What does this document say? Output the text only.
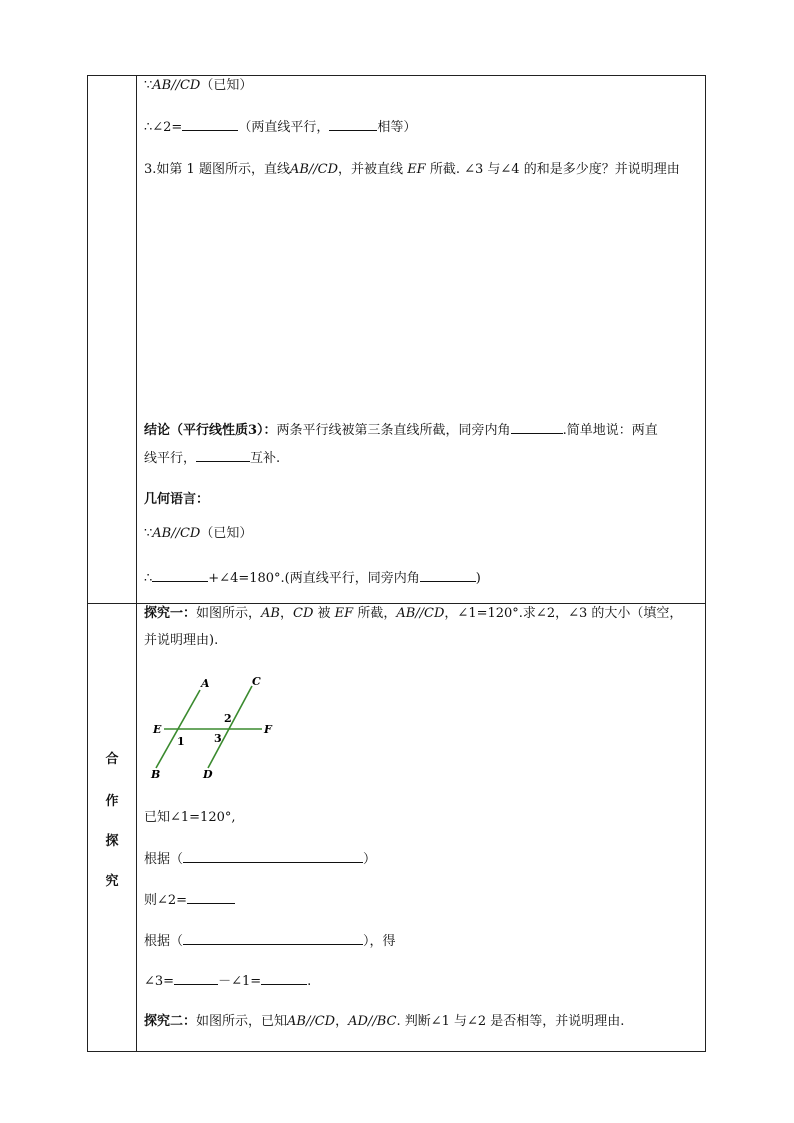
∵AB//CD（已知）
∴∠2=	（两直线平行，	相等）
3.如第 1 题图所示，直线AB//CD，并被直线 EF 所截. ∠3 与∠4 的和是多少度？并说明理由
结论（平行线性质3）：两条平行线被第三条直线所截，同旁内角	.简单地说：两直
线平行，	互补.
几何语言：
∵AB//CD（已知）
∴	+∠4=180°.(两直线平行，同旁内角	)
合
作
探
究
探究一：如图所示，AB，CD 被 EF 所截，AB//CD，∠1=120°.求∠2，∠3 的大小（填空，
并说明理由).
A	C
E	F
B	D
1
2
3
已知∠1=120°,
根据（	）
则∠2=
根据（	），得
∠3=	－∠1=	.
探究二：如图所示，已知AB//CD，AD//BC. 判断∠1 与∠2 是否相等，并说明理由.
